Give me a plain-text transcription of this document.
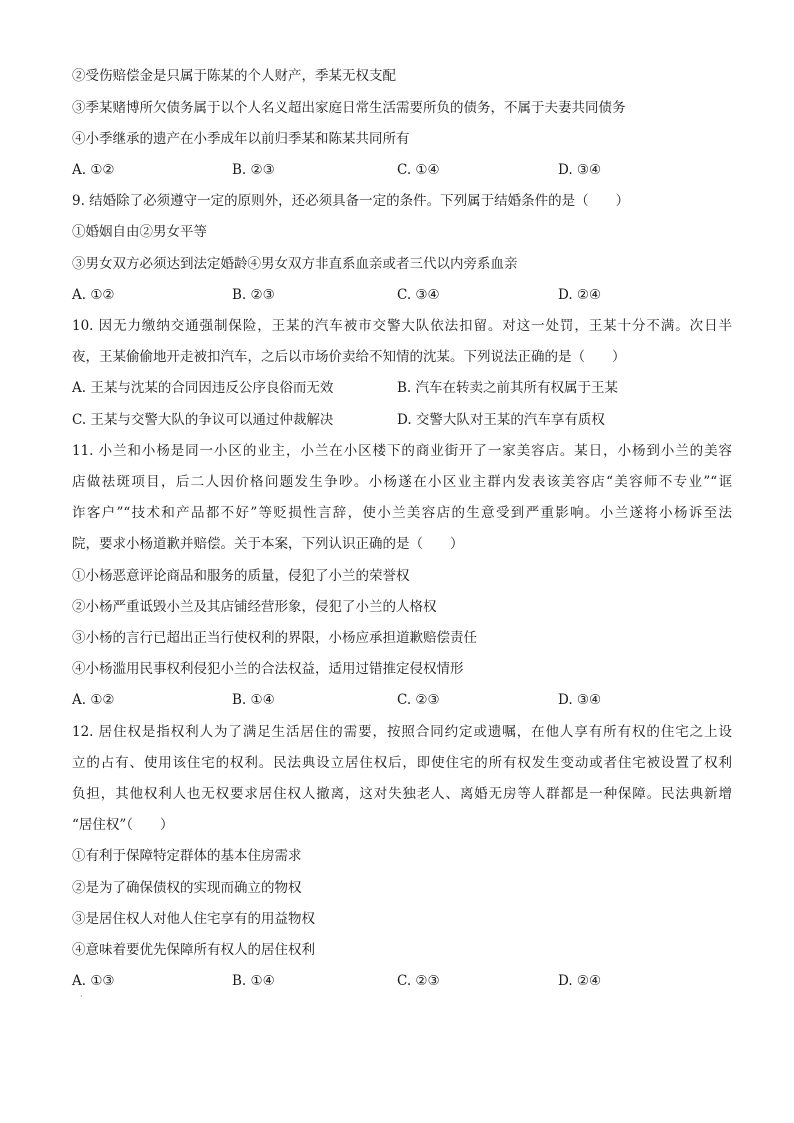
②受伤赔偿金是只属于陈某的个人财产，季某无权支配
③季某赌博所欠债务属于以个人名义超出家庭日常生活需要所负的债务，不属于夫妻共同债务
④小季继承的遗产在小季成年以前归季某和陈某共同所有
A. ①②	B. ②③	C. ①④	D. ③④
9. 结婚除了必须遵守一定的原则外，还必须具备一定的条件。下列属于结婚条件的是（　　）
①婚姻自由②男女平等
③男女双方必须达到法定婚龄④男女双方非直系血亲或者三代以内旁系血亲
A. ①②	B. ②③	C. ③④	D. ②④
10. 因无力缴纳交通强制保险，王某的汽车被市交警大队依法扣留。对这一处罚，王某十分不满。次日半
夜，王某偷偷地开走被扣汽车，之后以市场价卖给不知情的沈某。下列说法正确的是（　　）
A. 王某与沈某的合同因违反公序良俗而无效	B. 汽车在转卖之前其所有权属于王某
C. 王某与交警大队的争议可以通过仲裁解决	D. 交警大队对王某的汽车享有质权
11. 小兰和小杨是同一小区的业主，小兰在小区楼下的商业街开了一家美容店。某日，小杨到小兰的美容
店做祛斑项目，后二人因价格问题发生争吵。小杨遂在小区业主群内发表该美容店“美容师不专业”“诓
诈客户”“技术和产品都不好”等贬损性言辞，使小兰美容店的生意受到严重影响。小兰遂将小杨诉至法
院，要求小杨道歉并赔偿。关于本案，下列认识正确的是（　　）
①小杨恶意评论商品和服务的质量，侵犯了小兰的荣誉权
②小杨严重诋毁小兰及其店铺经营形象，侵犯了小兰的人格权
③小杨的言行已超出正当行使权利的界限，小杨应承担道歉赔偿责任
④小杨滥用民事权利侵犯小兰的合法权益，适用过错推定侵权情形
A. ①②	B. ①④	C. ②③	D. ③④
12. 居住权是指权利人为了满足生活居住的需要，按照合同约定或遗嘱，在他人享有所有权的住宅之上设
立的占有、使用该住宅的权利。民法典设立居住权后，即使住宅的所有权发生变动或者住宅被设置了权利
负担，其他权利人也无权要求居住权人撤离，这对失独老人、离婚无房等人群都是一种保障。民法典新增
“居住权”（　　）
①有利于保障特定群体的基本住房需求
②是为了确保债权的实现而确立的物权
③是居住权人对他人住宅享有的用益物权
④意味着要优先保障所有权人的居住权利
A. ①③	B. ①④	C. ②③	D. ②④
·
